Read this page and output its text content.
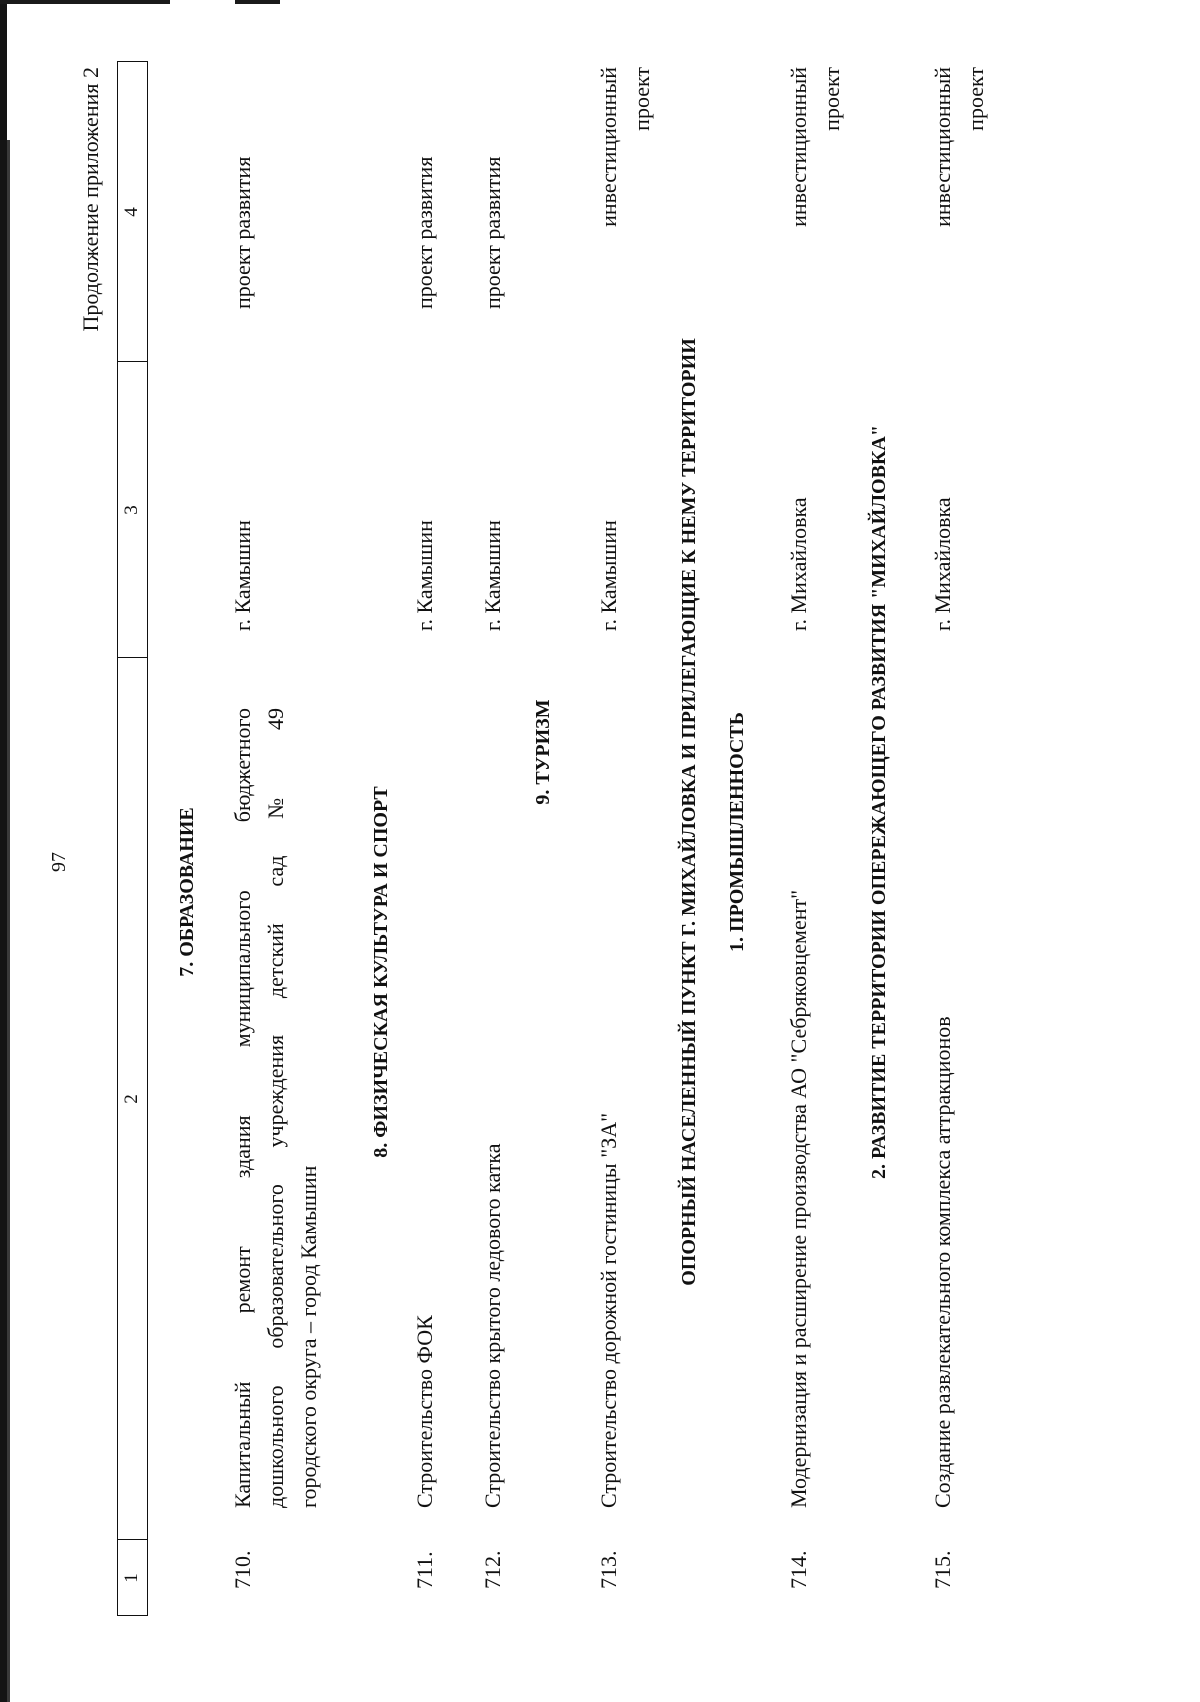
97
Продолжение приложения 2
1
2
3
4
7. ОБРАЗОВАНИЕ
710.
Капитальный ремонт здания муниципального бюджетного дошкольного образовательного учреждения детский сад № 49 городского округа – город Камышин
г. Камышин
проект развития
8. ФИЗИЧЕСКАЯ КУЛЬТУРА И СПОРТ
711.
Строительство ФОК
г. Камышин
проект развития
712.
Строительство крытого ледового катка
г. Камышин
проект развития
9. ТУРИЗМ
713.
Строительство дорожной гостиницы "ЗА"
г. Камышин
инвестиционный проект
ОПОРНЫЙ НАСЕЛЕННЫЙ ПУНКТ Г. МИХАЙЛОВКА И ПРИЛЕГАЮЩИЕ К НЕМУ ТЕРРИТОРИИ 1. ПРОМЫШЛЕННОСТЬ
714.
Модернизация и расширение производства АО "Себряковцемент"
г. Михайловка
инвестиционный проект
2. РАЗВИТИЕ ТЕРРИТОРИИ ОПЕРЕЖАЮЩЕГО РАЗВИТИЯ "МИХАЙЛОВКА"
715.
Создание развлекательного комплекса аттракционов
г. Михайловка
инвестиционный проект
